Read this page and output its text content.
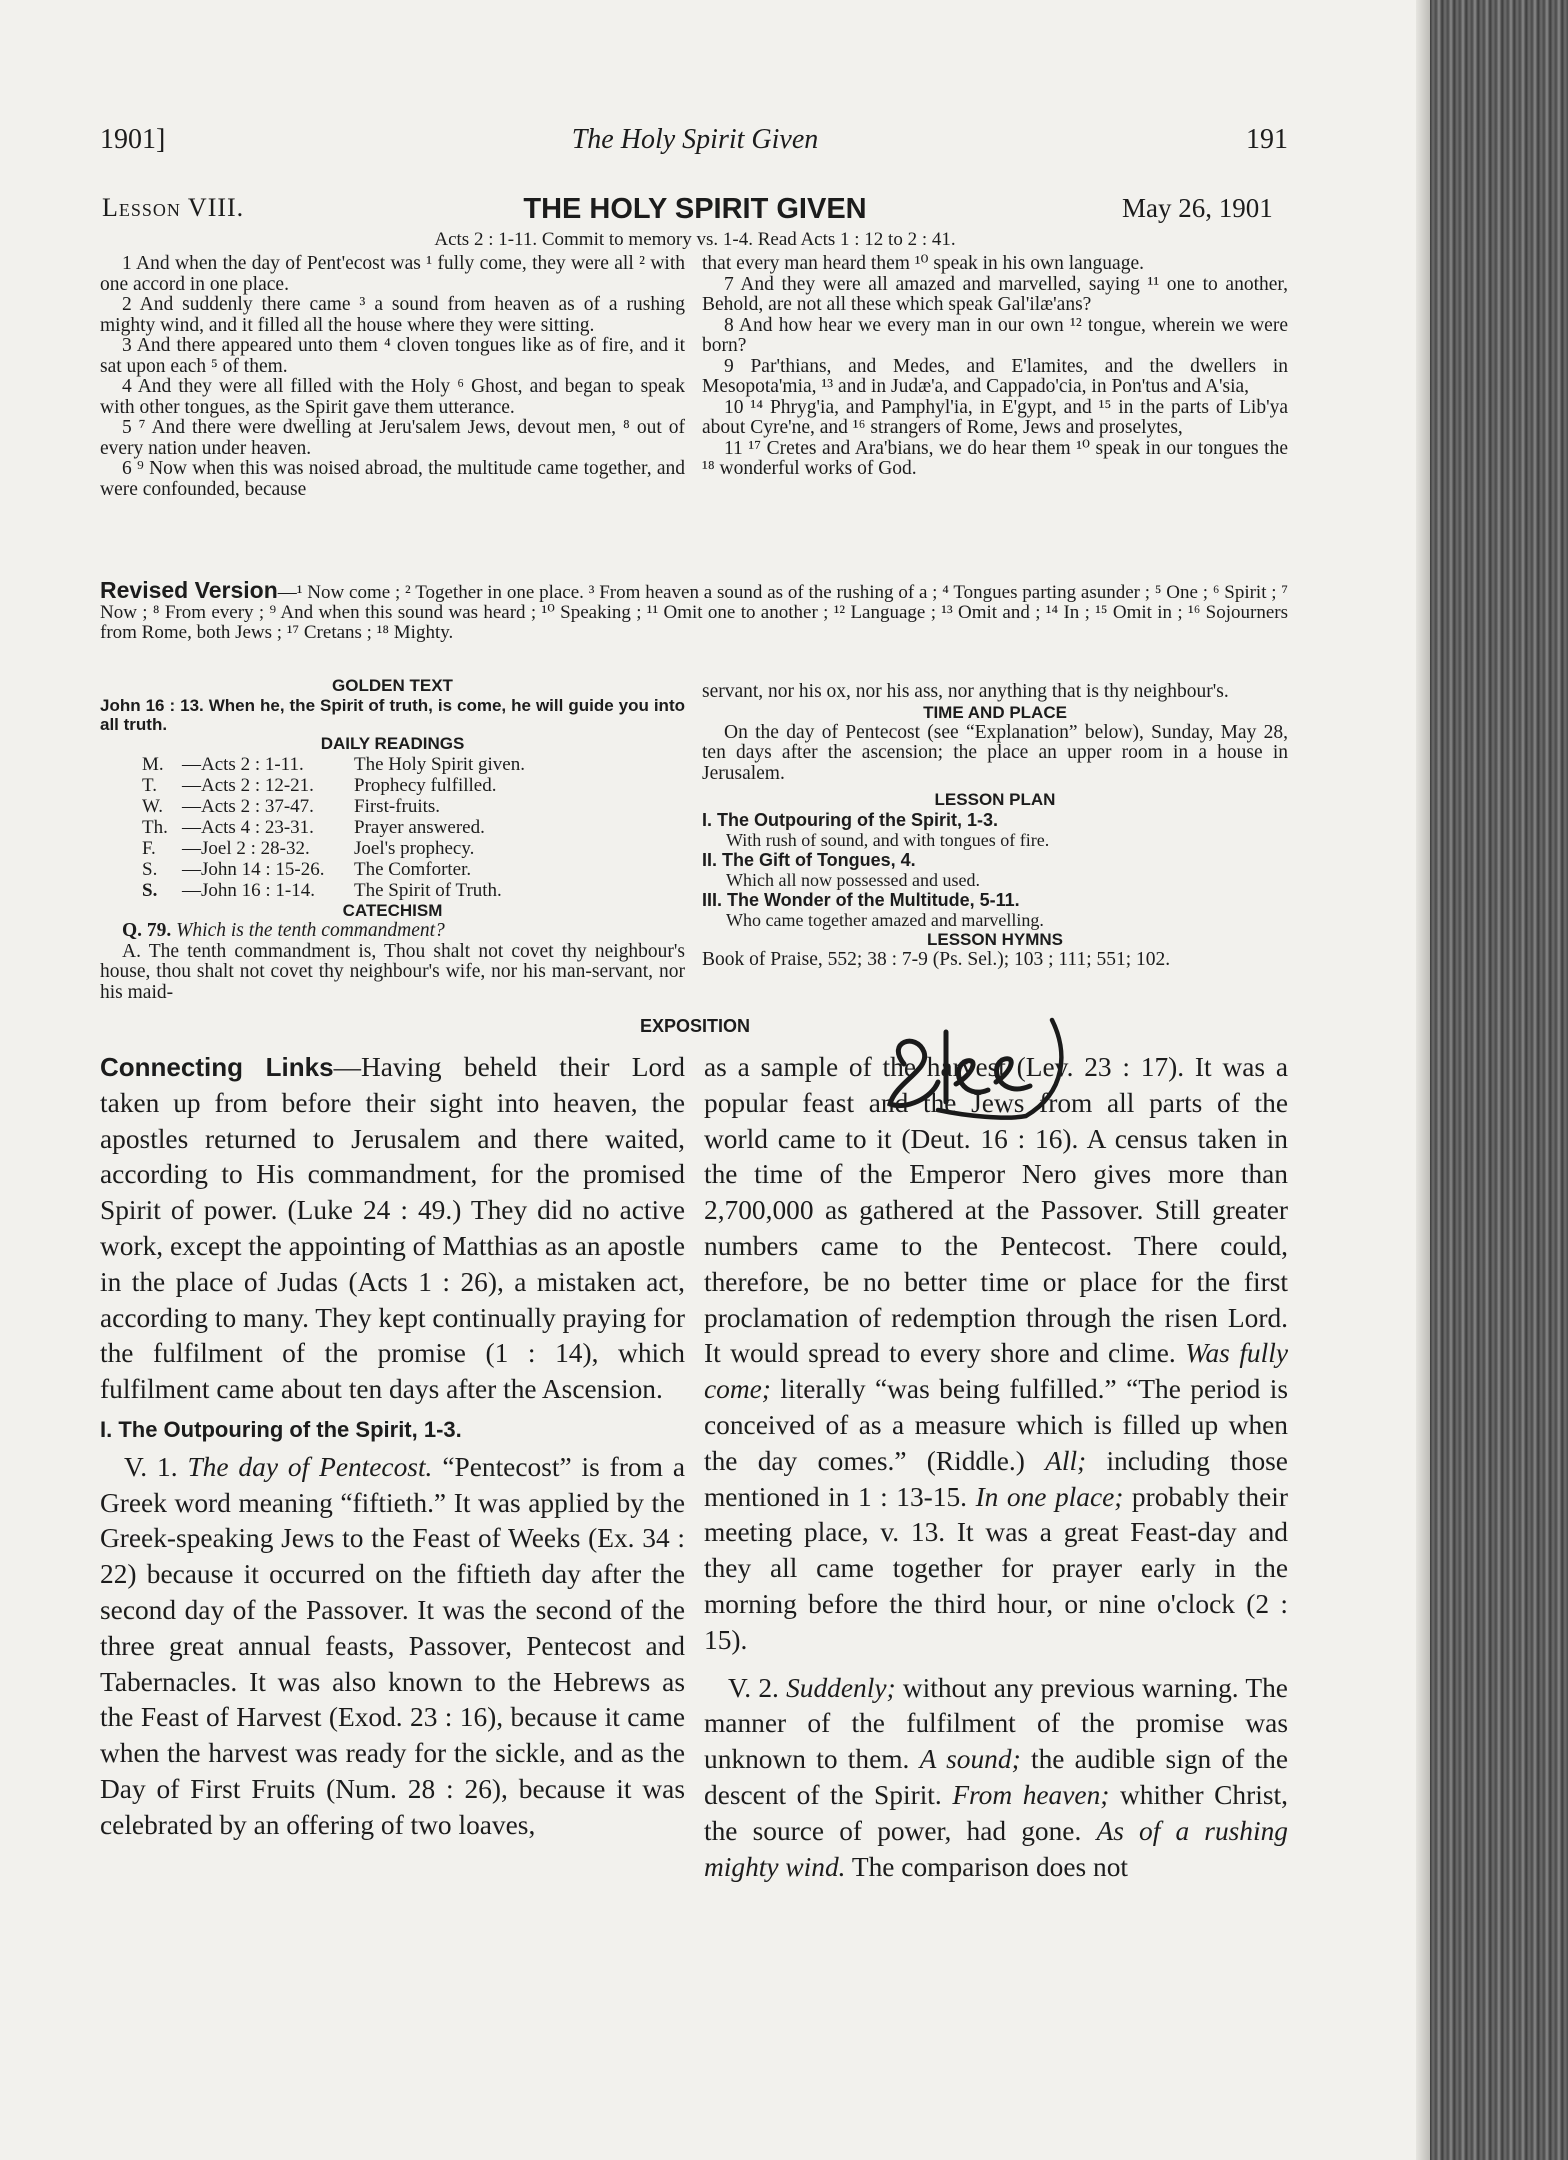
1901]	The Holy Spirit Given	191
Lesson VIII.	THE HOLY SPIRIT GIVEN	May 26, 1901
Acts 2 : 1-11. Commit to memory vs. 1-4. Read Acts 1 : 12 to 2 : 41.

1 And when the day of Pent'ecost was ¹ fully come, they were all ² with one accord in one place.

2 And suddenly there came ³ a sound from heaven as of a rushing mighty wind, and it filled all the house where they were sitting.

3 And there appeared unto them ⁴ cloven tongues like as of fire, and it sat upon each ⁵ of them.

4 And they were all filled with the Holy ⁶ Ghost, and began to speak with other tongues, as the Spirit gave them utterance.

5 ⁷ And there were dwelling at Jeru'salem Jews, devout men, ⁸ out of every nation under heaven.

6 ⁹ Now when this was noised abroad, the multitude came together, and were confounded, because

that every man heard them ¹⁰ speak in his own language.

7 And they were all amazed and marvelled, saying ¹¹ one to another, Behold, are not all these which speak Gal'ilæ'ans?

8 And how hear we every man in our own ¹² tongue, wherein we were born?

9 Par'thians, and Medes, and E'lamites, and the dwellers in Mesopota'mia, ¹³ and in Judæ'a, and Cappado'cia, in Pon'tus and A'sia,

10 ¹⁴ Phryg'ia, and Pamphyl'ia, in E'gypt, and ¹⁵ in the parts of Lib'ya about Cyre'ne, and ¹⁶ strangers of Rome, Jews and proselytes,

11 ¹⁷ Cretes and Ara'bians, we do hear them ¹⁰ speak in our tongues the ¹⁸ wonderful works of God.

Revised Version—¹ Now come ; ² Together in one place. ³ From heaven a sound as of the rushing of a ; ⁴ Tongues parting asunder ; ⁵ One ; ⁶ Spirit ; ⁷ Now ; ⁸ From every ; ⁹ And when this sound was heard ; ¹⁰ Speaking ; ¹¹ Omit one to another ; ¹² Language ; ¹³ Omit and ; ¹⁴ In ; ¹⁵ Omit in ; ¹⁶ Sojourners from Rome, both Jews ; ¹⁷ Cretans ; ¹⁸ Mighty.
GOLDEN TEXT
John 16 : 13. When he, the Spirit of truth, is come, he will guide you into all truth.
DAILY READINGS
M.	—Acts 2 : 1-11.	The Holy Spirit given.
T.	—Acts 2 : 12-21.	Prophecy fulfilled.
W.	—Acts 2 : 37-47.	First-fruits.
Th.	—Acts 4 : 23-31.	Prayer answered.
F.	—Joel 2 : 28-32.	Joel's prophecy.
S.	—John 14 : 15-26.	The Comforter.
S.	—John 16 : 1-14.	The Spirit of Truth.
CATECHISM

Q. 79. Which is the tenth commandment?

A. The tenth commandment is, Thou shalt not covet thy neighbour's house, thou shalt not covet thy neighbour's wife, nor his man-servant, nor his maid-

servant, nor his ox, nor his ass, nor anything that is thy neighbour's.

TIME AND PLACE

On the day of Pentecost (see “Explanation” below), Sunday, May 28, ten days after the ascension; the place an upper room in a house in Jerusalem.

LESSON PLAN
I. The Outpouring of the Spirit, 1-3.
With rush of sound, and with tongues of fire.
II. The Gift of Tongues, 4.
Which all now possessed and used.
III. The Wonder of the Multitude, 5-11.
Who came together amazed and marvelling.
LESSON HYMNS

Book of Praise, 552; 38 : 7-9 (Ps. Sel.); 103 ; 111; 551; 102.

EXPOSITION

Connecting Links—Having beheld their Lord taken up from before their sight into heaven, the apostles returned to Jerusalem and there waited, according to His commandment, for the promised Spirit of power. (Luke 24 : 49.) They did no active work, except the appointing of Matthias as an apostle in the place of Judas (Acts 1 : 26), a mistaken act, according to many. They kept continually praying for the fulfilment of the promise (1 : 14), which fulfilment came about ten days after the Ascension.

I. The Outpouring of the Spirit, 1-3.

V. 1. The day of Pentecost. “Pentecost” is from a Greek word meaning “fiftieth.” It was applied by the Greek-speaking Jews to the Feast of Weeks (Ex. 34 : 22) because it occurred on the fiftieth day after the second day of the Passover. It was the second of the three great annual feasts, Passover, Pentecost and Tabernacles. It was also known to the Hebrews as the Feast of Harvest (Exod. 23 : 16), because it came when the harvest was ready for the sickle, and as the Day of First Fruits (Num. 28 : 26), because it was celebrated by an offering of two loaves,

as a sample of the harvest (Lev. 23 : 17). It was a popular feast and the Jews from all parts of the world came to it (Deut. 16 : 16). A census taken in the time of the Emperor Nero gives more than 2,700,000 as gathered at the Passover. Still greater numbers came to the Pentecost. There could, therefore, be no better time or place for the first proclamation of redemption through the risen Lord. It would spread to every shore and clime. Was fully come; literally “was being fulfilled.” “The period is conceived of as a measure which is filled up when the day comes.” (Riddle.) All; including those mentioned in 1 : 13-15. In one place; probably their meeting place, v. 13. It was a great Feast-day and they all came together for prayer early in the morning before the third hour, or nine o'clock (2 : 15).

V. 2. Suddenly; without any previous warning. The manner of the fulfilment of the promise was unknown to them. A sound; the audible sign of the descent of the Spirit. From heaven; whither Christ, the source of power, had gone. As of a rushing mighty wind. The comparison does not
